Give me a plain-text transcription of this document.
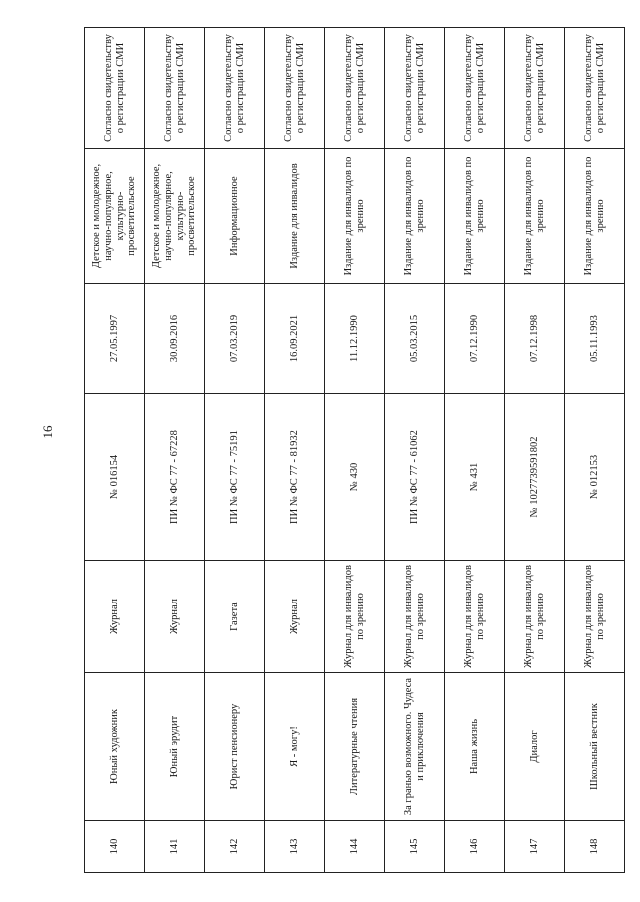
16
140	Юный художник	Журнал	№ 016154	27.05.1997	Детское и молодежное, научно-популярное, культурно-просветительское	Согласно свидетельству о регистрации СМИ
141	Юный эрудит	Журнал	ПИ № ФС 77 - 67228	30.09.2016	Детское и молодежное, научно-популярное, культурно-просветительское	Согласно свидетельству о регистрации СМИ
142	Юрист пенсионеру	Газета	ПИ № ФС 77 - 75191	07.03.2019	Информационное	Согласно свидетельству о регистрации СМИ
143	Я - могу!	Журнал	ПИ № ФС 77 - 81932	16.09.2021	Издание для инвалидов	Согласно свидетельству о регистрации СМИ
144	Литературные чтения	Журнал для инвалидов по зрению	№ 430	11.12.1990	Издание для инвалидов по зрению	Согласно свидетельству о регистрации СМИ
145	За гранью возможного. Чудеса и приключения	Журнал для инвалидов по зрению	ПИ № ФС 77 - 61062	05.03.2015	Издание для инвалидов по зрению	Согласно свидетельству о регистрации СМИ
146	Наша жизнь	Журнал для инвалидов по зрению	№ 431	07.12.1990	Издание для инвалидов по зрению	Согласно свидетельству о регистрации СМИ
147	Диалог	Журнал для инвалидов по зрению	№ 1027739591802	07.12.1998	Издание для инвалидов по зрению	Согласно свидетельству о регистрации СМИ
148	Школьный вестник	Журнал для инвалидов по зрению	№ 012153	05.11.1993	Издание для инвалидов по зрению	Согласно свидетельству о регистрации СМИ
